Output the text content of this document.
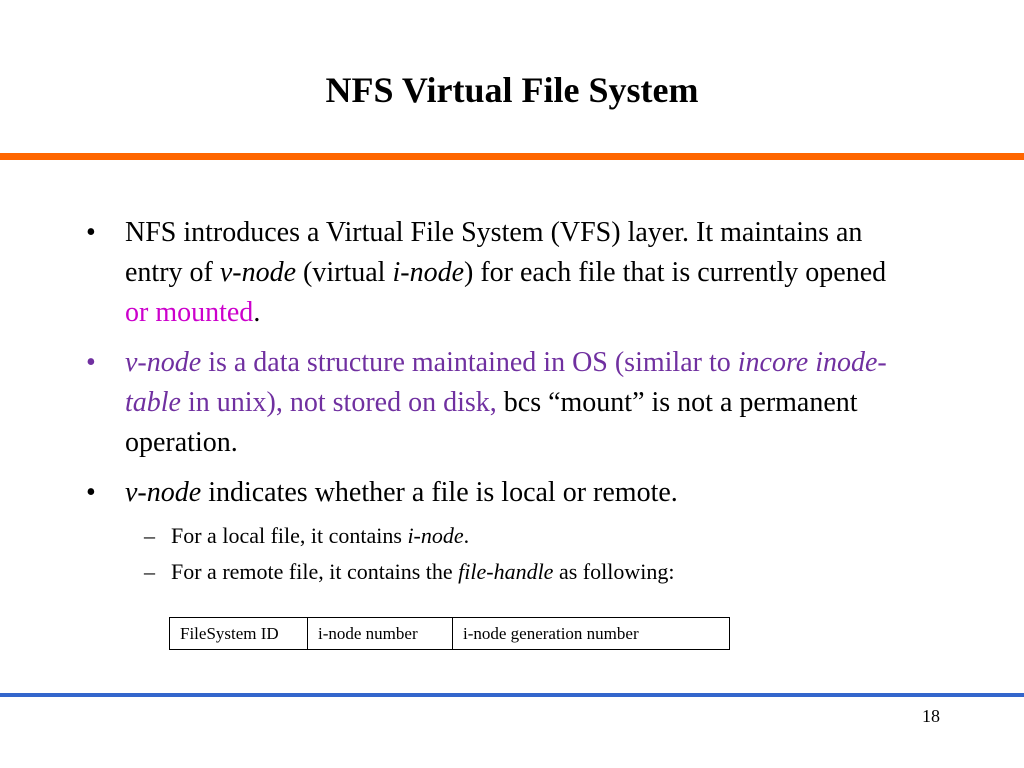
NFS Virtual File System
• NFS introduces a Virtual File System (VFS) layer. It maintains an entry of v-node (virtual i-node) for each file that is currently opened or mounted.
• v-node is a data structure maintained in OS (similar to incore inode-table in unix), not stored on disk, bcs “mount” is not a permanent operation.
• v-node indicates whether a file is local or remote.
– For a local file, it contains i-node.
– For a remote file, it contains the file-handle as following:
FileSystem ID	i-node number	i-node generation number
18
